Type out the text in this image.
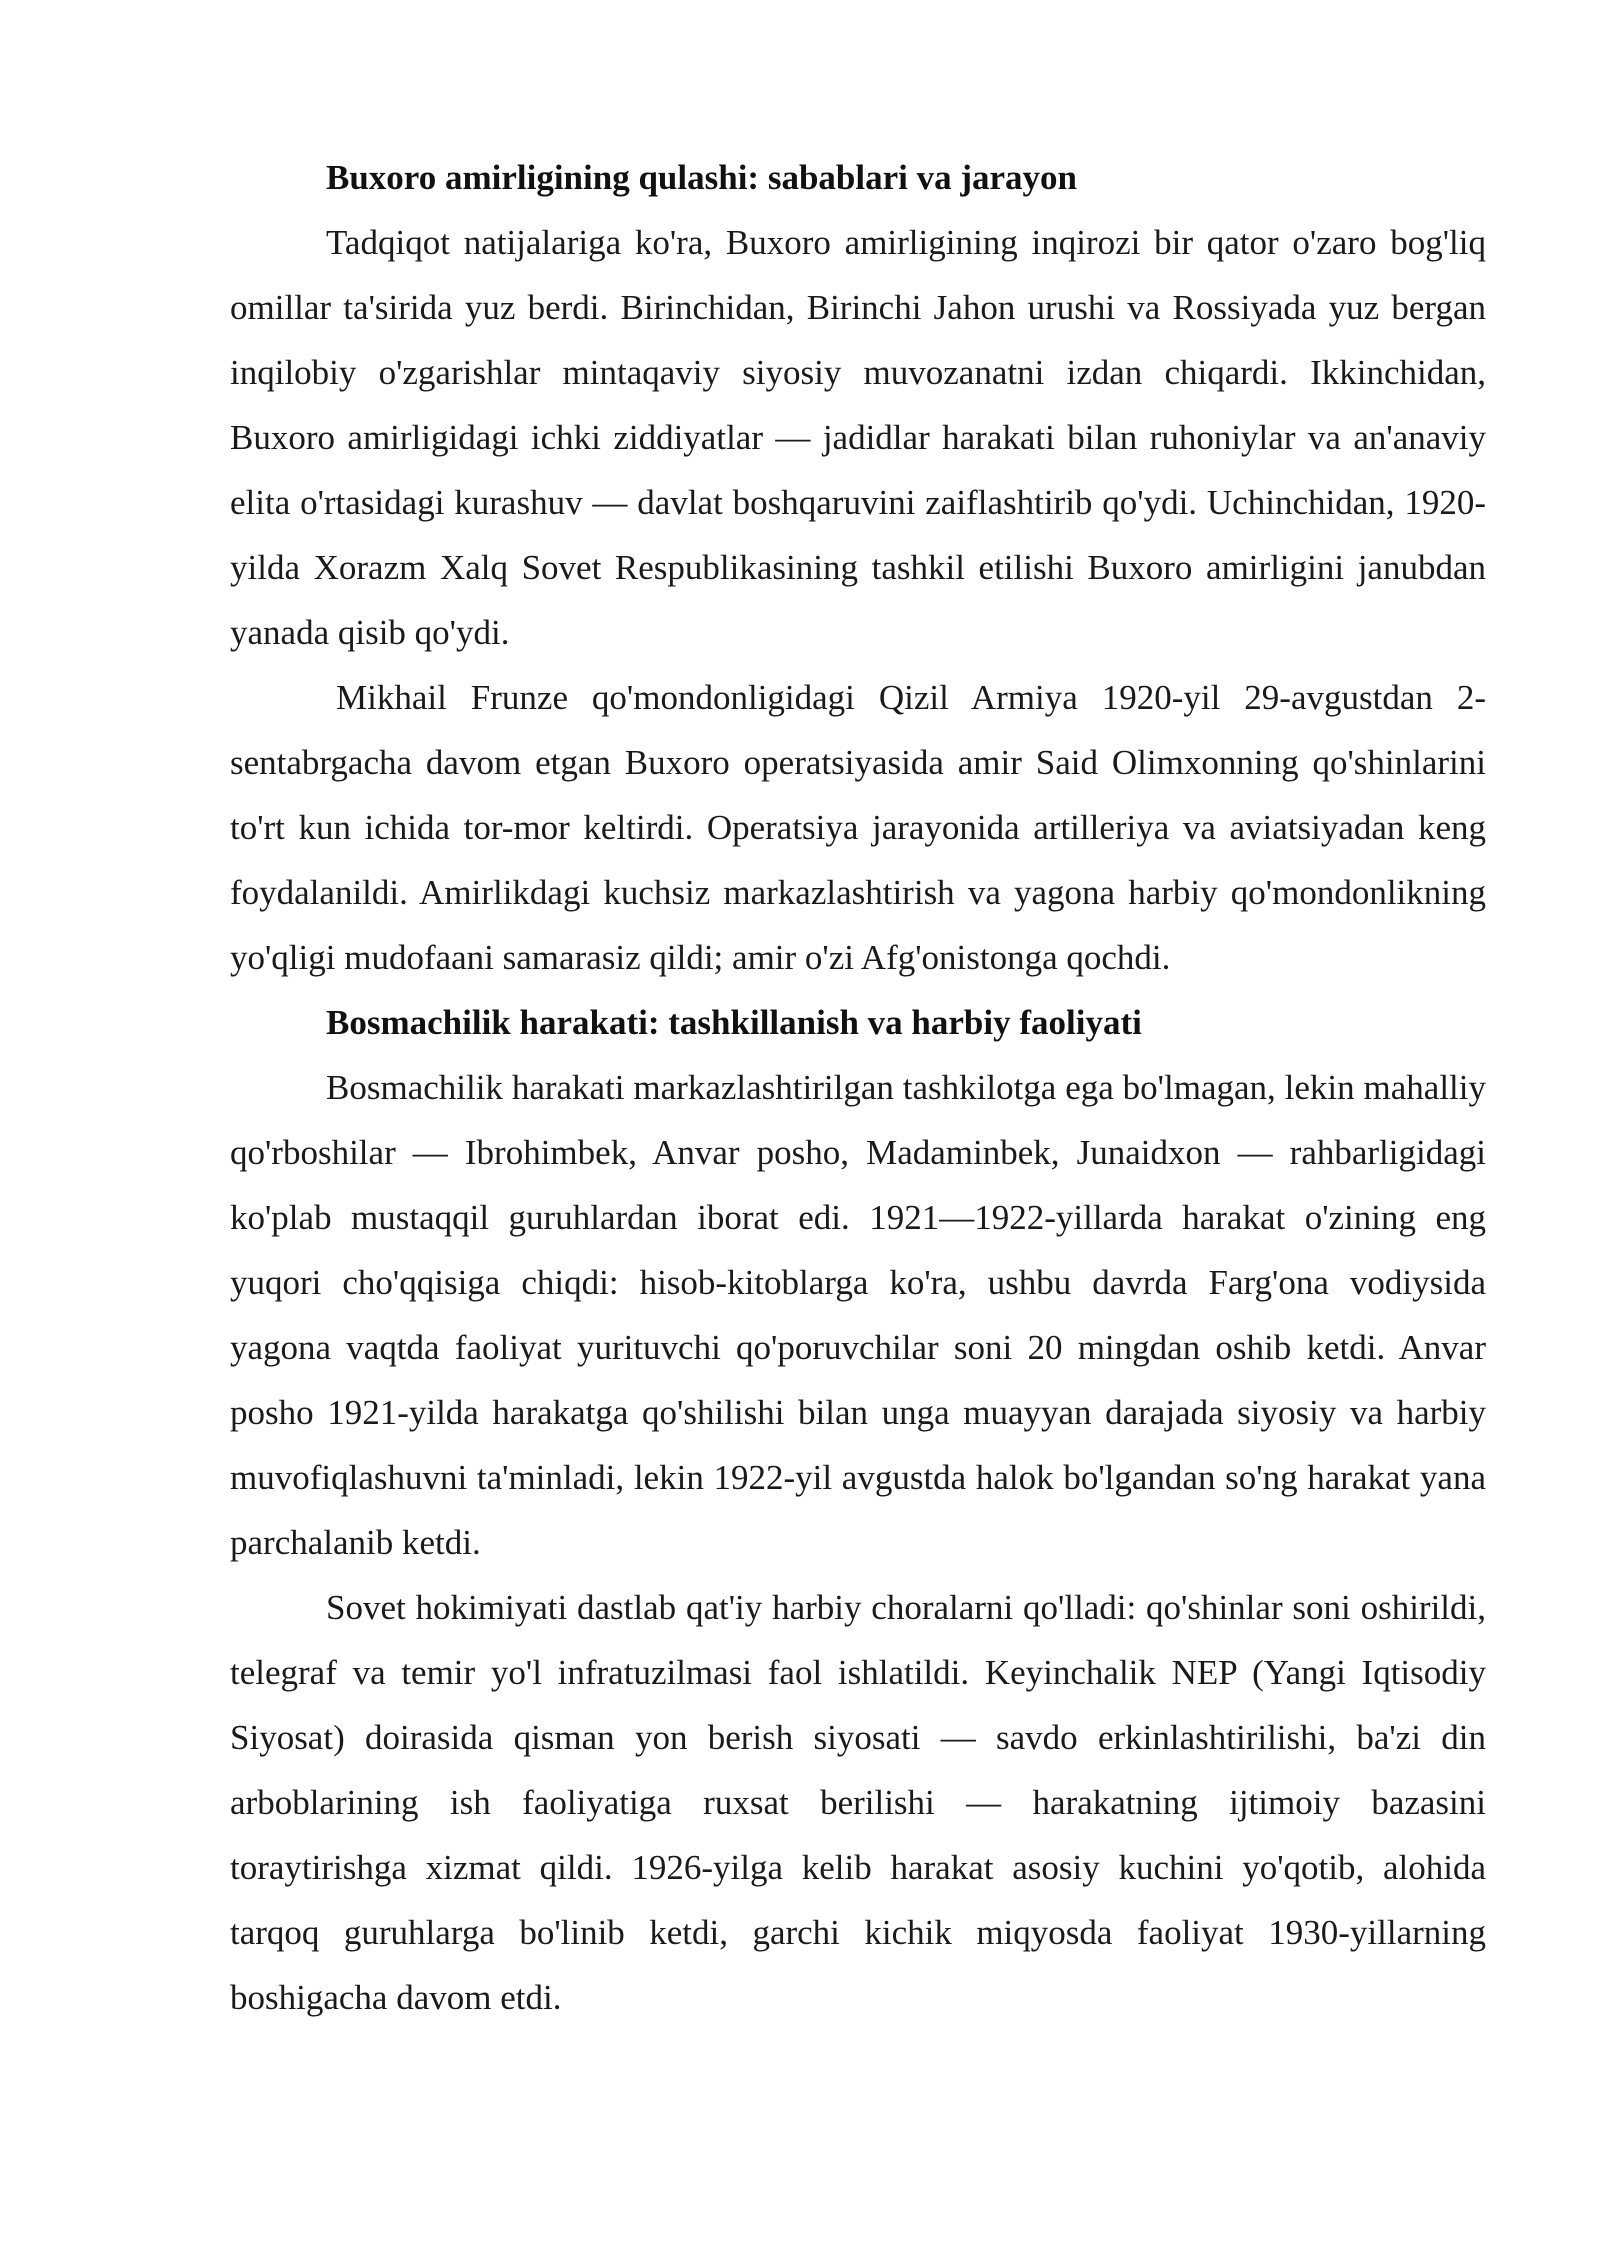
Buxoro amirligining qulashi: sabablari va jarayon

Tadqiqot natijalariga ko'ra, Buxoro amirligining inqirozi bir qator o'zaro bog'liq omillar ta'sirida yuz berdi. Birinchidan, Birinchi Jahon urushi va Rossiyada yuz bergan inqilobiy o'zgarishlar mintaqaviy siyosiy muvozanatni izdan chiqardi. Ikkinchidan, Buxoro amirligidagi ichki ziddiyatlar — jadidlar harakati bilan ruhoniylar va an'anaviy elita o'rtasidagi kurashuv — davlat boshqaruvini zaiflashtirib qo'ydi. Uchinchidan, 1920-yilda Xorazm Xalq Sovet Respublikasining tashkil etilishi Buxoro amirligini janubdan yanada qisib qo'ydi.

Mikhail Frunze qo'mondonligidagi Qizil Armiya 1920-yil 29-avgustdan 2-sentabrgacha davom etgan Buxoro operatsiyasida amir Said Olimxonning qo'shinlarini to'rt kun ichida tor-mor keltirdi. Operatsiya jarayonida artilleriya va aviatsiyadan keng foydalanildi. Amirlikdagi kuchsiz markazlashtirish va yagona harbiy qo'mondonlikning yo'qligi mudofaani samarasiz qildi; amir o'zi Afg'onistonga qochdi.

Bosmachilik harakati: tashkillanish va harbiy faoliyati

Bosmachilik harakati markazlashtirilgan tashkilotga ega bo'lmagan, lekin mahalliy qo'rboshilar — Ibrohimbek, Anvar posho, Madaminbek, Junaidxon — rahbarligidagi ko'plab mustaqqil guruhlardan iborat edi. 1921—1922-yillarda harakat o'zining eng yuqori cho'qqisiga chiqdi: hisob-kitoblarga ko'ra, ushbu davrda Farg'ona vodiysida yagona vaqtda faoliyat yurituvchi qo'poruvchilar soni 20 mingdan oshib ketdi. Anvar posho 1921-yilda harakatga qo'shilishi bilan unga muayyan darajada siyosiy va harbiy muvofiqlashuvni ta'minladi, lekin 1922-yil avgustda halok bo'lgandan so'ng harakat yana parchalanib ketdi.

Sovet hokimiyati dastlab qat'iy harbiy choralarni qo'lladi: qo'shinlar soni oshirildi, telegraf va temir yo'l infratuzilmasi faol ishlatildi. Keyinchalik NEP (Yangi Iqtisodiy Siyosat) doirasida qisman yon berish siyosati — savdo erkinlashtirilishi, ba'zi din arboblarining ish faoliyatiga ruxsat berilishi — harakatning ijtimoiy bazasini toraytirishga xizmat qildi. 1926-yilga kelib harakat asosiy kuchini yo'qotib, alohida tarqoq guruhlarga bo'linib ketdi, garchi kichik miqyosda faoliyat 1930-yillarning boshigacha davom etdi.
